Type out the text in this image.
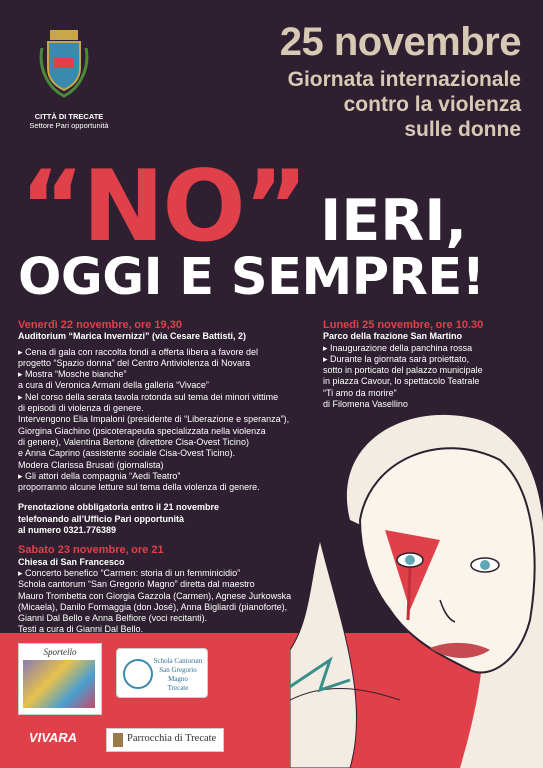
CITTÀ DI TRECATE
Settore Pari opportunità
25 novembre
Giornata internazionale
contro la violenza
sulle donne
“NO” IERI,
OGGI E SEMPRE!
Venerdì 22 novembre, ore 19,30
Auditorium “Marica Invernizzi” (via Cesare Battisti, 2)

▸ Cena di gala con raccolta fondi a offerta libera a favore del

progetto “Spazio donna” del Centro Antiviolenza di Novara

▸ Mostra “Mosche bianche”

a cura di Veronica Armani della galleria “Vivace”

▸ Nel corso della serata tavola rotonda sul tema dei minori vittime

di episodi di violenza di genere.

Intervengono Elia Impaloni (presidente di “Liberazione e speranza”),

Giorgina Giachino (psicoterapeuta specializzata nella violenza

di genere), Valentina Bertone (direttore Cisa-Ovest Ticino)

e Anna Caprino (assistente sociale Cisa-Ovest Ticino).

Modera Clarissa Brusati (giornalista)

▸ Gli attori della compagnia “Aedi Teatro”

proporranno alcune letture sul tema della violenza di genere.

Prenotazione obbligatoria entro il 21 novembre

telefonando all’Ufficio Pari opportunità

al numero 0321.776389

Sabato 23 novembre, ore 21
Chiesa di San Francesco

▸ Concerto benefico “Carmen: storia di un femminicidio”

Schola cantorum “San Gregorio Magno” diretta dal maestro

Mauro Trombetta con Giorgia Gazzola (Carmen), Agnese Jurkowska

(Micaela), Danilo Formaggia (don José), Anna Bigliardi (pianoforte),

Gianni Dal Bello e Anna Belfiore (voci recitanti).

Testi a cura di Gianni Dal Bello.

Lunedì 25 novembre, ore 10.30
Parco della frazione San Martino

▸ Inaugurazione della panchina rossa

▸ Durante la giornata sarà proiettato,

sotto in porticato del palazzo municipale

in piazza Cavour, lo spettacolo Teatrale

“Ti amo da morire”

di Filomena Vasellino

Sportello
Schola Cantorum
San Gregorio Magno
Trecate
VIVARA	Parrocchia di Trecate
